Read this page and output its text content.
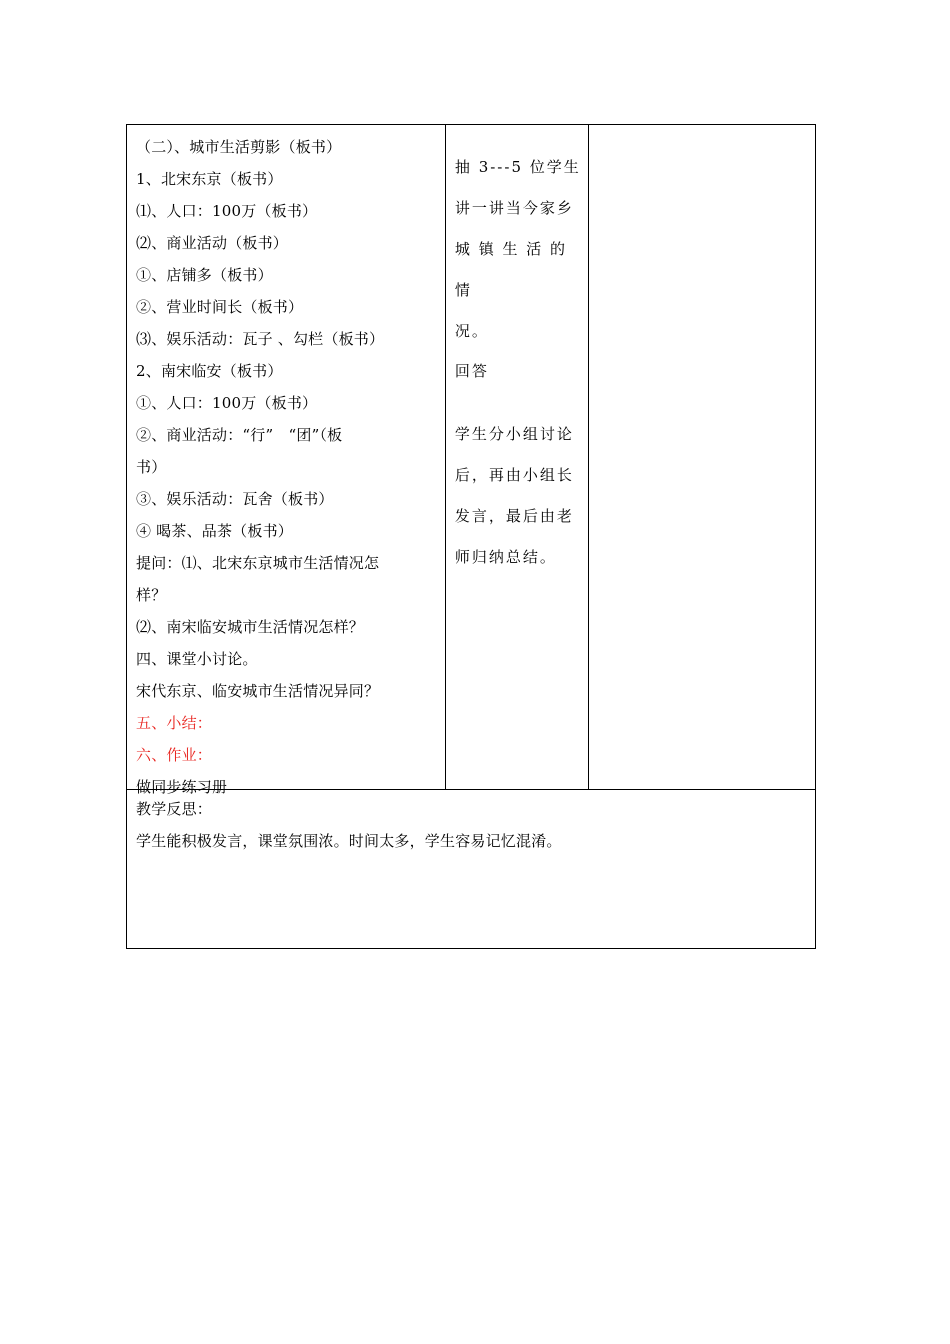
（二）、城市生活剪影（板书）
1、北宋东京（板书）
⑴、人口：100万（板书）
⑵、商业活动（板书）
①、店铺多（板书）
②、营业时间长（板书）
⑶、娱乐活动：瓦子 、勾栏（板书）
2、南宋临安（板书）
①、人口：100万（板书）
②、商业活动：“行”　“团”（板
书）
③、娱乐活动：瓦舍（板书）
④ 喝茶、品茶（板书）
提问：⑴、北宋东京城市生活情况怎
样？
⑵、南宋临安城市生活情况怎样？
四、课堂小讨论。
宋代东京、临安城市生活情况异同？
五、小结：
六、作业：
做同步练习册

抽 3---5 位学生
讲一讲当今家乡
城 镇 生 活 的 情
况。
回答
学生分小组讨论
后，再由小组长
发言，最后由老
师归纳总结。

教学反思：
学生能积极发言，课堂氛围浓。时间太多，学生容易记忆混淆。
